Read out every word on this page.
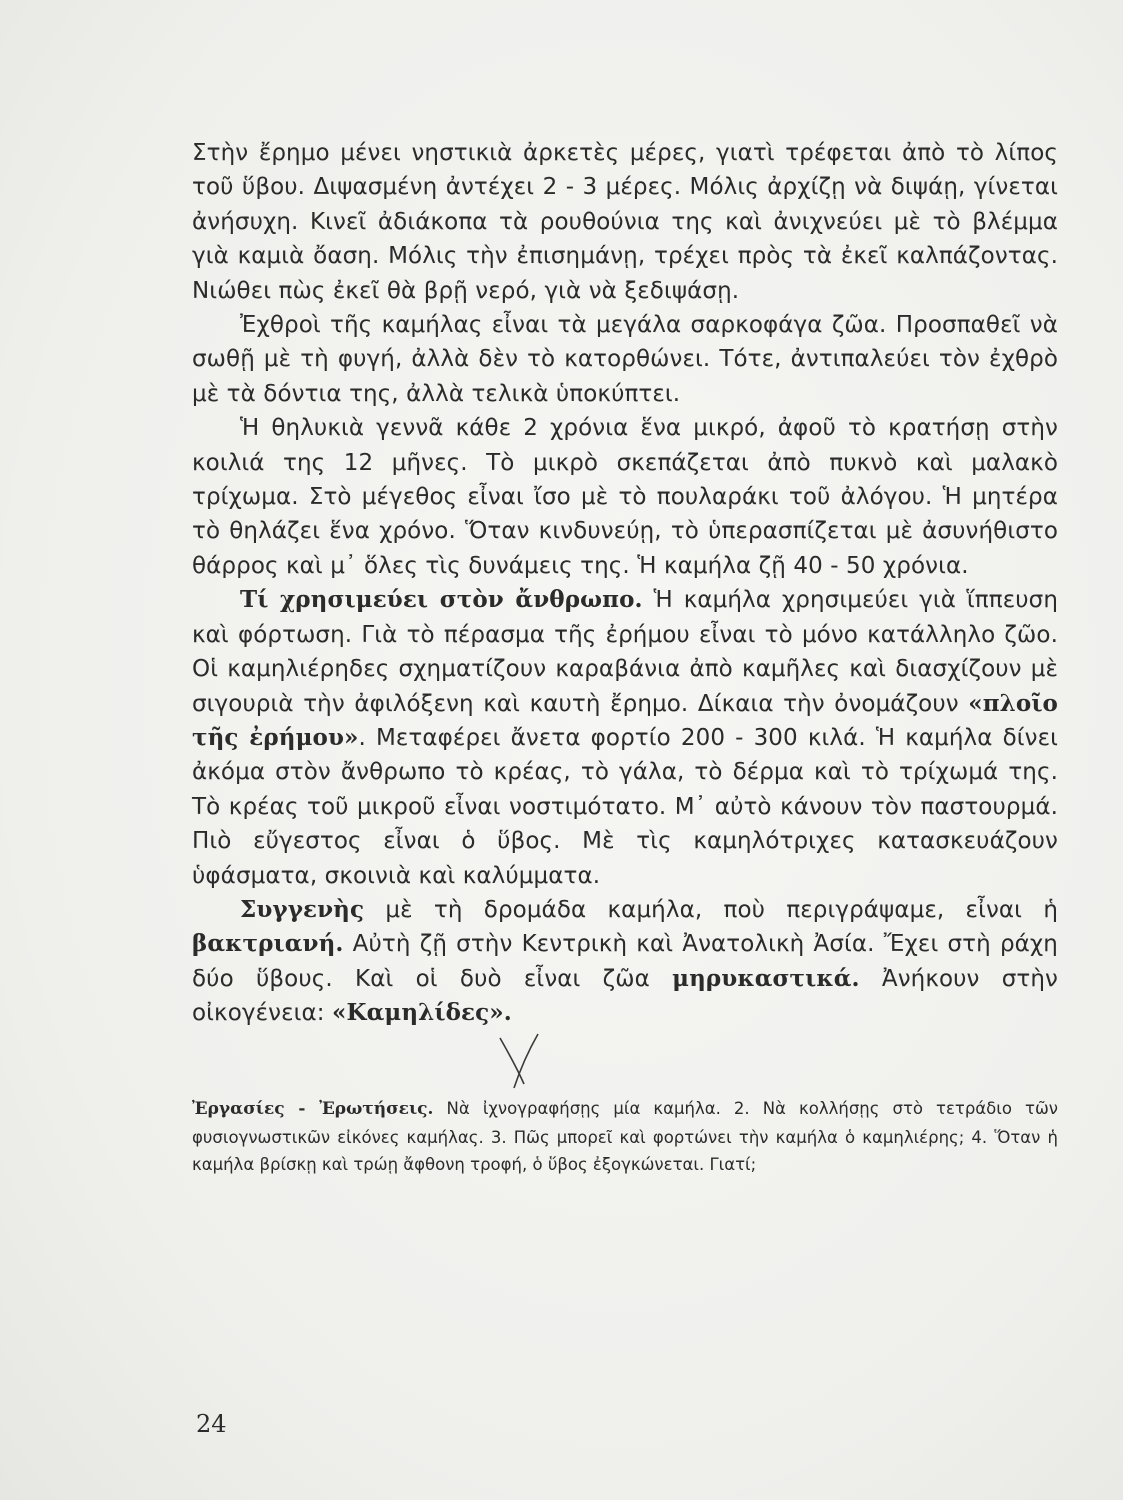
Στὴν ἔρημο μένει νηστικιὰ ἀρκετὲς μέρες, γιατὶ τρέφεται ἀπὸ τὸ λίπος τοῦ ὕβου. Διψασμένη ἀντέχει 2 - 3 μέρες. Μόλις ἀρχίζῃ νὰ διψάῃ, γίνεται ἀνήσυχη. Κινεῖ ἀδιάκοπα τὰ ρουθούνια της καὶ ἀνιχνεύει μὲ τὸ βλέμμα γιὰ καμιὰ ὄαση. Μόλις τὴν ἐπισημάνῃ, τρέχει πρὸς τὰ ἐκεῖ καλπάζοντας. Νιώθει πὼς ἐκεῖ θὰ βρῇ νερό, γιὰ νὰ ξεδιψάσῃ.

Ἐχθροὶ τῆς καμήλας εἶναι τὰ μεγάλα σαρκοφάγα ζῶα. Προσπαθεῖ νὰ σωθῇ μὲ τὴ φυγή, ἀλλὰ δὲν τὸ κατορθώνει. Τότε, ἀντιπαλεύει τὸν ἐχθρὸ μὲ τὰ δόντια της, ἀλλὰ τελικὰ ὑποκύπτει.

Ἡ θηλυκιὰ γεννᾶ κάθε 2 χρόνια ἕνα μικρό, ἀφοῦ τὸ κρατήσῃ στὴν κοιλιά της 12 μῆνες. Τὸ μικρὸ σκεπάζεται ἀπὸ πυκνὸ καὶ μαλακὸ τρίχωμα. Στὸ μέγεθος εἶναι ἴσο μὲ τὸ πουλαράκι τοῦ ἀλόγου. Ἡ μητέρα τὸ θηλάζει ἕνα χρόνο. Ὅταν κινδυνεύῃ, τὸ ὑπερασπίζεται μὲ ἀσυνήθιστο θάρρος καὶ μ᾽ ὅλες τὶς δυνάμεις της. Ἡ καμήλα ζῇ 40 - 50 χρόνια.

Τί χρησιμεύει στὸν ἄνθρωπο. Ἡ καμήλα χρησιμεύει γιὰ ἵππευση καὶ φόρτωση. Γιὰ τὸ πέρασμα τῆς ἐρήμου εἶναι τὸ μόνο κατάλληλο ζῶο. Οἱ καμηλιέρηδες σχηματίζουν καραβάνια ἀπὸ καμῆλες καὶ διασχίζουν μὲ σιγουριὰ τὴν ἀφιλόξενη καὶ καυτὴ ἔρημο. Δίκαια τὴν ὀνομάζουν «πλοῖο τῆς ἐρήμου». Μεταφέρει ἄνετα φορτίο 200 - 300 κιλά. Ἡ καμήλα δίνει ἀκόμα στὸν ἄνθρωπο τὸ κρέας, τὸ γάλα, τὸ δέρμα καὶ τὸ τρίχωμά της. Τὸ κρέας τοῦ μικροῦ εἶναι νοστιμότατο. Μ᾽ αὐτὸ κάνουν τὸν παστουρμά. Πιὸ εὔγεστος εἶναι ὁ ὕβος. Μὲ τὶς καμηλότριχες κατασκευάζουν ὑφάσματα, σκοινιὰ καὶ καλύμματα.

Συγγενὴς μὲ τὴ δρομάδα καμήλα, ποὺ περιγράψαμε, εἶναι ἡ βακτριανή. Αὐτὴ ζῇ στὴν Κεντρικὴ καὶ Ἀνατολικὴ Ἀσία. Ἔχει στὴ ράχη δύο ὕβους. Καὶ οἱ δυὸ εἶναι ζῶα μηρυκαστικά. Ἀνήκουν στὴν οἰκογένεια: «Καμηλίδες».

Ἐργασίες - Ἐρωτήσεις. Νὰ ἰχνογραφήσῃς μία καμήλα. 2. Νὰ κολλήσῃς στὸ τετράδιο τῶν φυσιογνωστικῶν εἰκόνες καμήλας. 3. Πῶς μπορεῖ καὶ φορτώνει τὴν καμήλα ὁ καμηλιέρης; 4. Ὅταν ἡ καμήλα βρίσκῃ καὶ τρώῃ ἄφθονη τροφή, ὁ ὕβος ἐξογκώνεται. Γιατί;
24
